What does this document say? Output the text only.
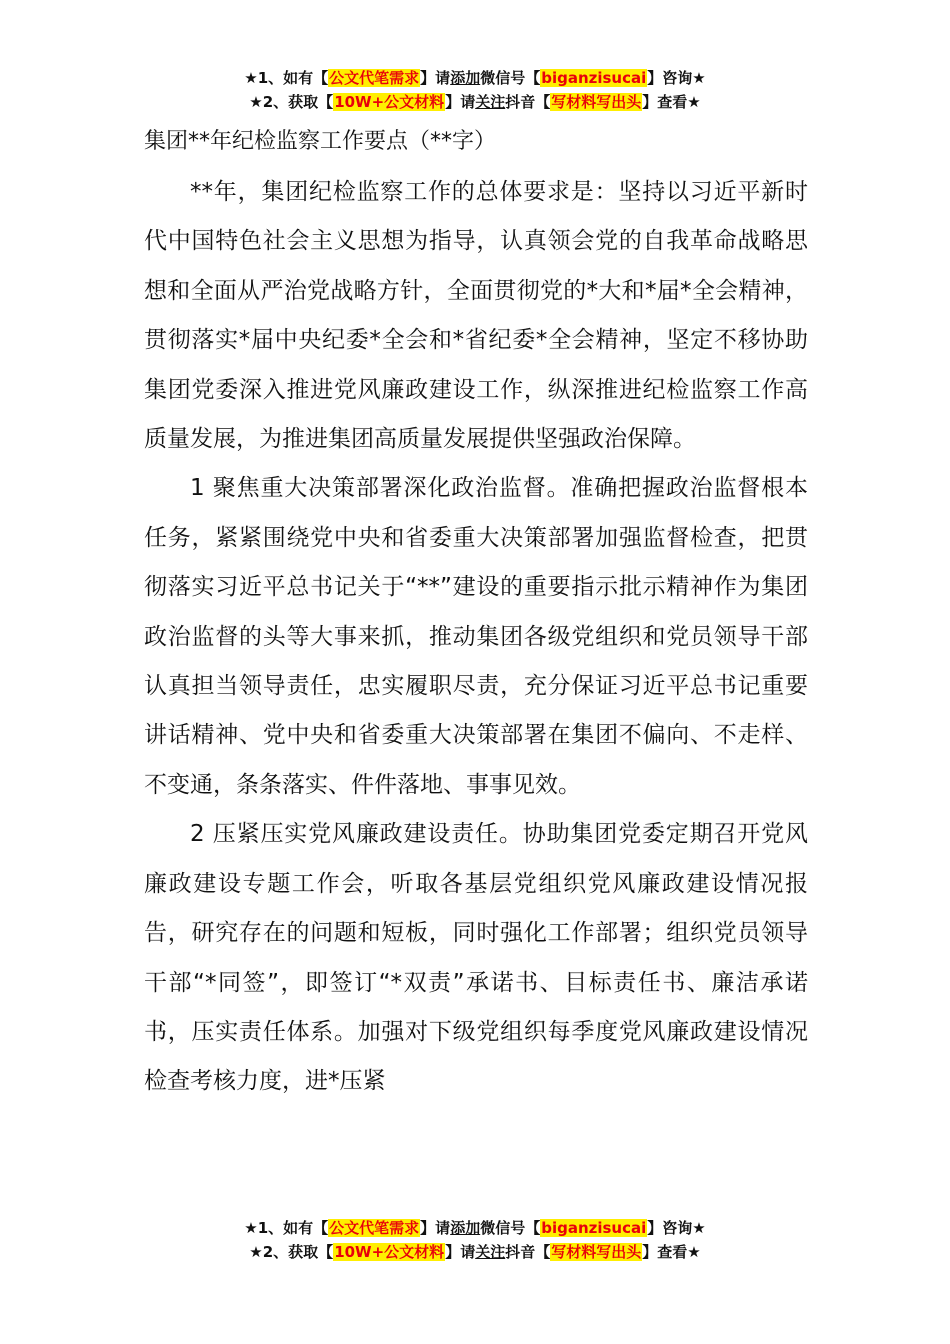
★1、如有【公文代笔需求】请添加微信号【biganzisucai】咨询★
★2、获取【10W+公文材料】请关注抖音【写材料写出头】查看★
集团**年纪检监察工作要点（**字）

**年，集团纪检监察工作的总体要求是：坚持以习近平新时代中国特色社会主义思想为指导，认真领会党的自我革命战略思想和全面从严治党战略方针，全面贯彻党的*大和*届*全会精神，贯彻落实*届中央纪委*全会和*省纪委*全会精神，坚定不移协助集团党委深入推进党风廉政建设工作，纵深推进纪检监察工作高质量发展，为推进集团高质量发展提供坚强政治保障。

1 聚焦重大决策部署深化政治监督。准确把握政治监督根本任务，紧紧围绕党中央和省委重大决策部署加强监督检查，把贯彻落实习近平总书记关于“**”建设的重要指示批示精神作为集团政治监督的头等大事来抓，推动集团各级党组织和党员领导干部认真担当领导责任，忠实履职尽责，充分保证习近平总书记重要讲话精神、党中央和省委重大决策部署在集团不偏向、不走样、不变通，条条落实、件件落地、事事见效。

2 压紧压实党风廉政建设责任。协助集团党委定期召开党风廉政建设专题工作会，听取各基层党组织党风廉政建设情况报告，研究存在的问题和短板，同时强化工作部署；组织党员领导干部“*同签”，即签订“*双责”承诺书、目标责任书、廉洁承诺书，压实责任体系。加强对下级党组织每季度党风廉政建设情况检查考核力度，进*压紧

★1、如有【公文代笔需求】请添加微信号【biganzisucai】咨询★
★2、获取【10W+公文材料】请关注抖音【写材料写出头】查看★
